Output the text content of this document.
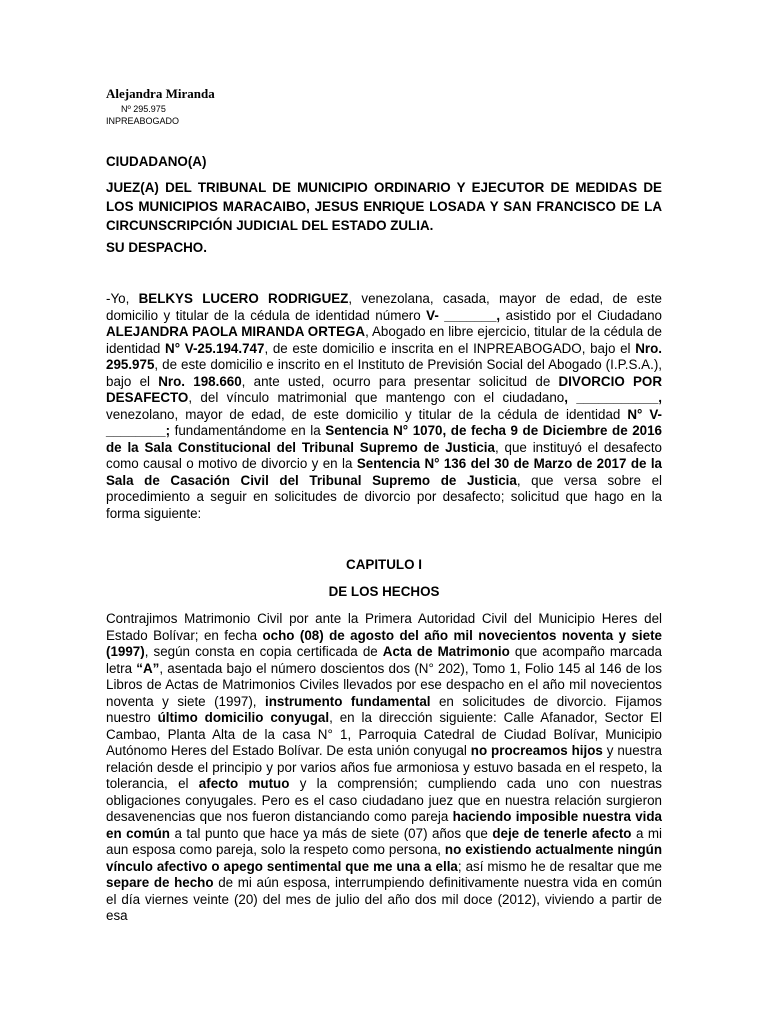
Alejandra Miranda
Nº 295.975
INPREABOGADO
CIUDADANO(A)
JUEZ(A) DEL TRIBUNAL DE MUNICIPIO ORDINARIO Y EJECUTOR DE MEDIDAS DE LOS MUNICIPIOS MARACAIBO, JESUS ENRIQUE LOSADA Y SAN FRANCISCO DE LA CIRCUNSCRIPCIÓN JUDICIAL DEL ESTADO ZULIA.
SU DESPACHO.
-Yo, BELKYS LUCERO RODRIGUEZ, venezolana, casada, mayor de edad, de este domicilio y titular de la cédula de identidad número V- _______, asistido por el Ciudadano ALEJANDRA PAOLA MIRANDA ORTEGA, Abogado en libre ejercicio, titular de la cédula de identidad N° V-25.194.747, de este domicilio e inscrita en el INPREABOGADO, bajo el Nro. 295.975, de este domicilio e inscrito en el Instituto de Previsión Social del Abogado (I.P.S.A.), bajo el Nro. 198.660, ante usted, ocurro para presentar solicitud de DIVORCIO POR DESAFECTO, del vínculo matrimonial que mantengo con el ciudadano, ___________, venezolano, mayor de edad, de este domicilio y titular de la cédula de identidad N° V- ________; fundamentándome en la Sentencia N° 1070, de fecha 9 de Diciembre de 2016 de la Sala Constitucional del Tribunal Supremo de Justicia, que instituyó el desafecto como causal o motivo de divorcio y en la Sentencia N° 136 del 30 de Marzo de 2017 de la Sala de Casación Civil del Tribunal Supremo de Justicia, que versa sobre el procedimiento a seguir en solicitudes de divorcio por desafecto; solicitud que hago en la forma siguiente:
CAPITULO I
DE LOS HECHOS
Contrajimos Matrimonio Civil por ante la Primera Autoridad Civil del Municipio Heres del Estado Bolívar; en fecha ocho (08) de agosto del año mil novecientos noventa y siete (1997), según consta en copia certificada de Acta de Matrimonio que acompaño marcada letra “A”, asentada bajo el número doscientos dos (N° 202), Tomo 1, Folio 145 al 146 de los Libros de Actas de Matrimonios Civiles llevados por ese despacho en el año mil novecientos noventa y siete (1997), instrumento fundamental en solicitudes de divorcio. Fijamos nuestro último domicilio conyugal, en la dirección siguiente: Calle Afanador, Sector El Cambao, Planta Alta de la casa N° 1, Parroquia Catedral de Ciudad Bolívar, Municipio Autónomo Heres del Estado Bolívar. De esta unión conyugal no procreamos hijos y nuestra relación desde el principio y por varios años fue armoniosa y estuvo basada en el respeto, la tolerancia, el afecto mutuo y la comprensión; cumpliendo cada uno con nuestras obligaciones conyugales. Pero es el caso ciudadano juez que en nuestra relación surgieron desavenencias que nos fueron distanciando como pareja haciendo imposible nuestra vida en común a tal punto que hace ya más de siete (07) años que deje de tenerle afecto a mi aun esposa como pareja, solo la respeto como persona, no existiendo actualmente ningún vínculo afectivo o apego sentimental que me una a ella; así mismo he de resaltar que me separe de hecho de mi aún esposa, interrumpiendo definitivamente nuestra vida en común el día viernes veinte (20) del mes de julio del año dos mil doce (2012), viviendo a partir de esa
